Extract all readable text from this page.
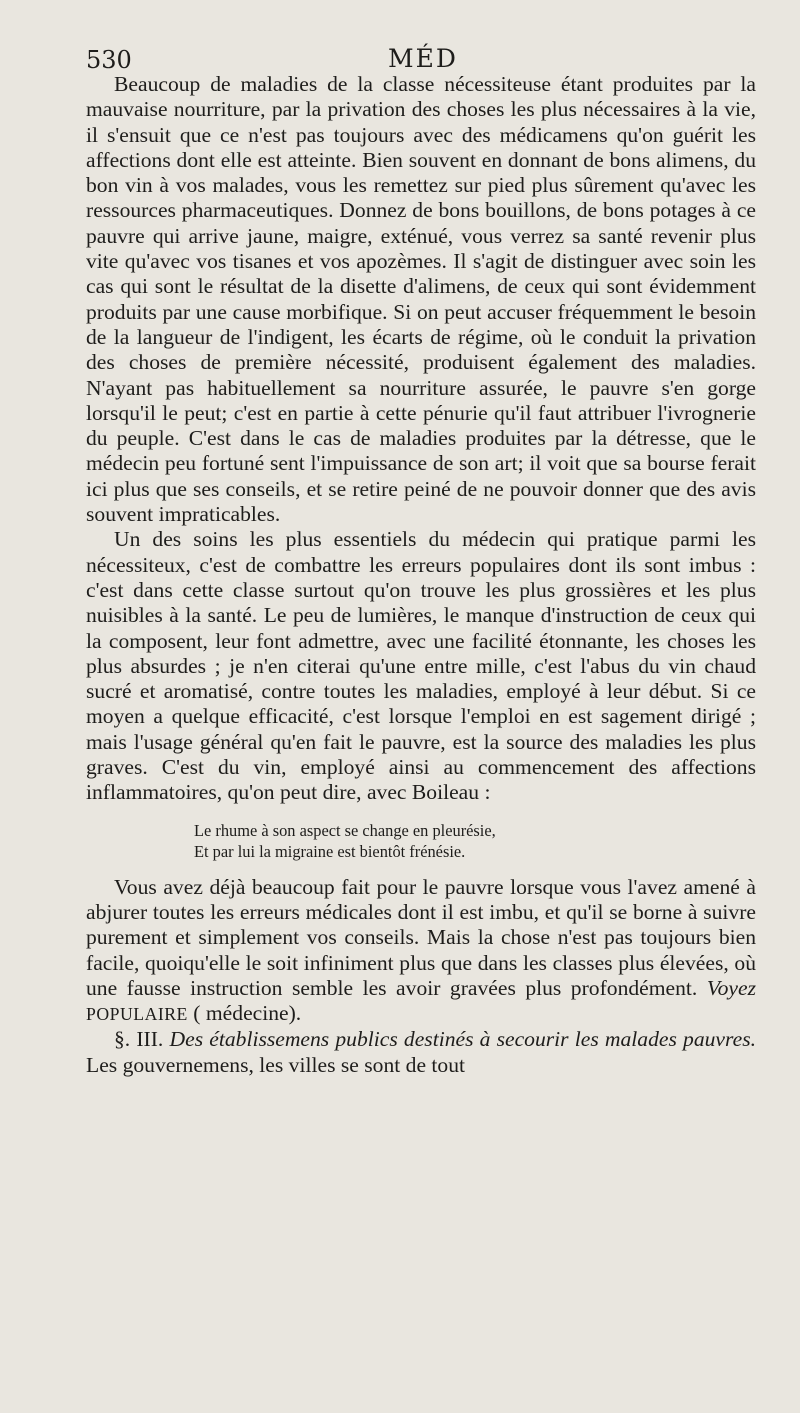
530	MÉD

Beaucoup de maladies de la classe nécessiteuse étant produites par la mauvaise nourriture, par la privation des choses les plus nécessaires à la vie, il s'ensuit que ce n'est pas toujours avec des médicamens qu'on guérit les affections dont elle est atteinte. Bien souvent en donnant de bons alimens, du bon vin à vos malades, vous les remettez sur pied plus sûrement qu'avec les ressources pharmaceutiques. Donnez de bons bouillons, de bons potages à ce pauvre qui arrive jaune, maigre, exténué, vous verrez sa santé revenir plus vite qu'avec vos tisanes et vos apozèmes. Il s'agit de distinguer avec soin les cas qui sont le résultat de la disette d'alimens, de ceux qui sont évidemment produits par une cause morbifique. Si on peut accuser fréquemment le besoin de la langueur de l'indigent, les écarts de régime, où le conduit la privation des choses de première nécessité, produisent également des maladies. N'ayant pas habituellement sa nourriture assurée, le pauvre s'en gorge lorsqu'il le peut; c'est en partie à cette pénurie qu'il faut attribuer l'ivrognerie du peuple. C'est dans le cas de maladies produites par la détresse, que le médecin peu fortuné sent l'impuissance de son art; il voit que sa bourse ferait ici plus que ses conseils, et se retire peiné de ne pouvoir donner que des avis souvent impraticables.

Un des soins les plus essentiels du médecin qui pratique parmi les nécessiteux, c'est de combattre les erreurs populaires dont ils sont imbus : c'est dans cette classe surtout qu'on trouve les plus grossières et les plus nuisibles à la santé. Le peu de lumières, le manque d'instruction de ceux qui la composent, leur font admettre, avec une facilité étonnante, les choses les plus absurdes ; je n'en citerai qu'une entre mille, c'est l'abus du vin chaud sucré et aromatisé, contre toutes les maladies, employé à leur début. Si ce moyen a quelque efficacité, c'est lorsque l'emploi en est sagement dirigé ; mais l'usage général qu'en fait le pauvre, est la source des maladies les plus graves. C'est du vin, employé ainsi au commencement des affections inflammatoires, qu'on peut dire, avec Boileau :

Le rhume à son aspect se change en pleurésie,
Et par lui la migraine est bientôt frénésie.

Vous avez déjà beaucoup fait pour le pauvre lorsque vous l'avez amené à abjurer toutes les erreurs médicales dont il est imbu, et qu'il se borne à suivre purement et simplement vos conseils. Mais la chose n'est pas toujours bien facile, quoiqu'elle le soit infiniment plus que dans les classes plus élevées, où une fausse instruction semble les avoir gravées plus profondément. Voyez POPULAIRE ( médecine).

§. III. Des établissemens publics destinés à secourir les malades pauvres. Les gouvernemens, les villes se sont de tout
